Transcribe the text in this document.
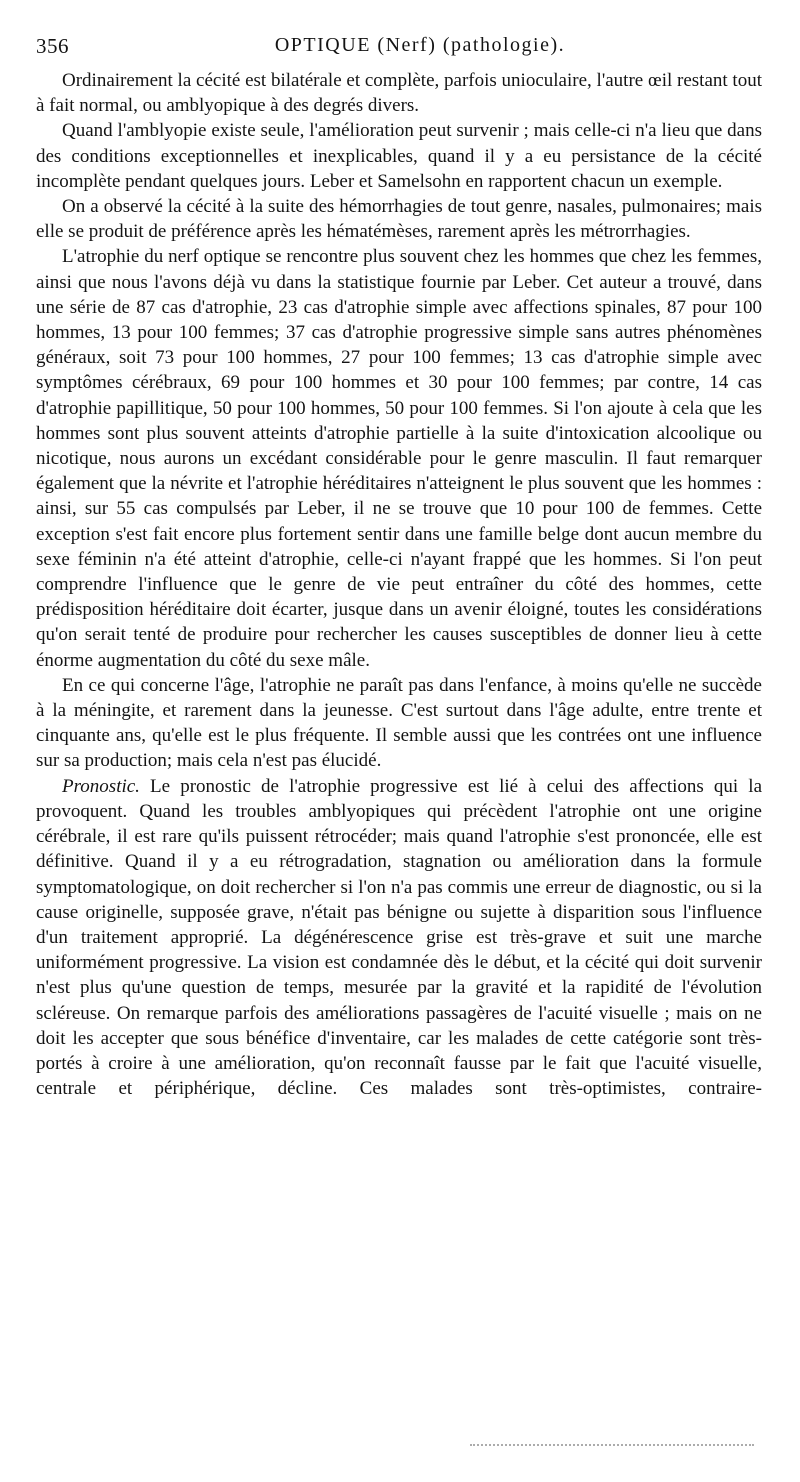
356	OPTIQUE (Nerf) (pathologie).

Ordinairement la cécité est bilatérale et complète, parfois unioculaire, l'autre œil restant tout à fait normal, ou amblyopique à des degrés divers.

Quand l'amblyopie existe seule, l'amélioration peut survenir ; mais celle-ci n'a lieu que dans des conditions exceptionnelles et inexplicables, quand il y a eu persistance de la cécité incomplète pendant quelques jours. Leber et Samelsohn en rapportent chacun un exemple.

On a observé la cécité à la suite des hémorrhagies de tout genre, nasales, pulmonaires; mais elle se produit de préférence après les hématémèses, rarement après les métrorrhagies.

L'atrophie du nerf optique se rencontre plus souvent chez les hommes que chez les femmes, ainsi que nous l'avons déjà vu dans la statistique fournie par Leber. Cet auteur a trouvé, dans une série de 87 cas d'atrophie, 23 cas d'atrophie simple avec affections spinales, 87 pour 100 hommes, 13 pour 100 femmes; 37 cas d'atrophie progressive simple sans autres phénomènes généraux, soit 73 pour 100 hommes, 27 pour 100 femmes; 13 cas d'atrophie simple avec symptômes cérébraux, 69 pour 100 hommes et 30 pour 100 femmes; par contre, 14 cas d'atrophie papillitique, 50 pour 100 hommes, 50 pour 100 femmes. Si l'on ajoute à cela que les hommes sont plus souvent atteints d'atrophie partielle à la suite d'intoxication alcoolique ou nicotique, nous aurons un excédant considérable pour le genre masculin. Il faut remarquer également que la névrite et l'atrophie héréditaires n'atteignent le plus souvent que les hommes : ainsi, sur 55 cas compulsés par Leber, il ne se trouve que 10 pour 100 de femmes. Cette exception s'est fait encore plus fortement sentir dans une famille belge dont aucun membre du sexe féminin n'a été atteint d'atrophie, celle-ci n'ayant frappé que les hommes. Si l'on peut comprendre l'influence que le genre de vie peut entraîner du côté des hommes, cette prédisposition héréditaire doit écarter, jusque dans un avenir éloigné, toutes les considérations qu'on serait tenté de produire pour rechercher les causes susceptibles de donner lieu à cette énorme augmentation du côté du sexe mâle.

En ce qui concerne l'âge, l'atrophie ne paraît pas dans l'enfance, à moins qu'elle ne succède à la méningite, et rarement dans la jeunesse. C'est surtout dans l'âge adulte, entre trente et cinquante ans, qu'elle est le plus fréquente. Il semble aussi que les contrées ont une influence sur sa production; mais cela n'est pas élucidé.

Pronostic. Le pronostic de l'atrophie progressive est lié à celui des affections qui la provoquent. Quand les troubles amblyopiques qui précèdent l'atrophie ont une origine cérébrale, il est rare qu'ils puissent rétrocéder; mais quand l'atrophie s'est prononcée, elle est définitive. Quand il y a eu rétrogradation, stagnation ou amélioration dans la formule symptomatologique, on doit rechercher si l'on n'a pas commis une erreur de diagnostic, ou si la cause originelle, supposée grave, n'était pas bénigne ou sujette à disparition sous l'influence d'un traitement approprié. La dégénérescence grise est très-grave et suit une marche uniformément progressive. La vision est condamnée dès le début, et la cécité qui doit survenir n'est plus qu'une question de temps, mesurée par la gravité et la rapidité de l'évolution scléreuse. On remarque parfois des améliorations passagères de l'acuité visuelle ; mais on ne doit les accepter que sous bénéfice d'inventaire, car les malades de cette catégorie sont très-portés à croire à une amélioration, qu'on reconnaît fausse par le fait que l'acuité visuelle, centrale et périphérique, décline. Ces malades sont très-optimistes, contraire-
